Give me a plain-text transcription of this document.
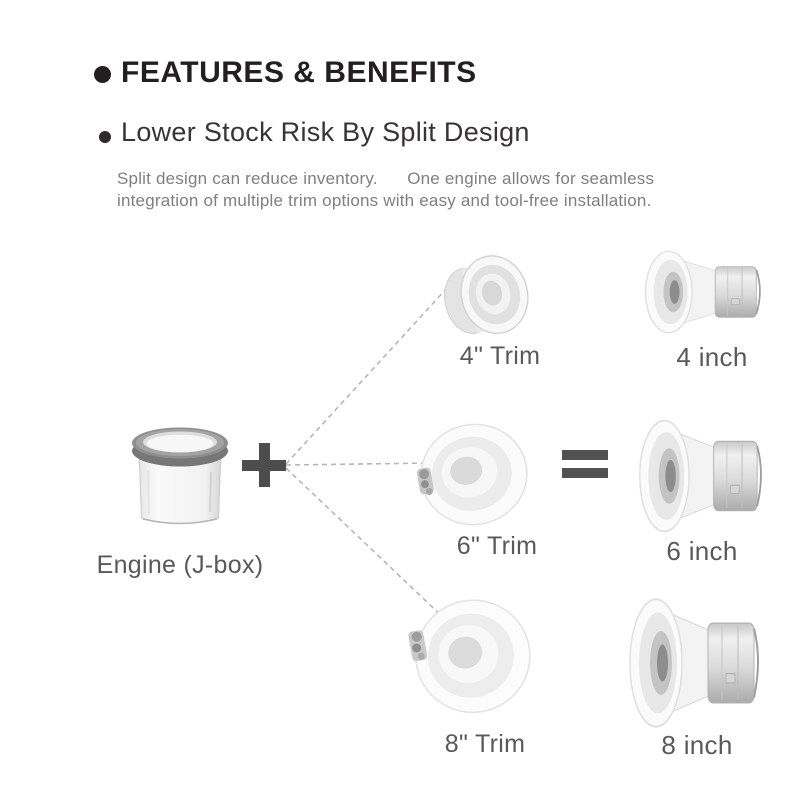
FEATURES & BENEFITS
Lower Stock Risk By Split Design
Split design can reduce inventory.      One engine allows for seamless
integration of multiple trim options with easy and tool-free installation.
Engine (J-box)
4" Trim	4 inch
6" Trim	6 inch
8" Trim	8 inch
